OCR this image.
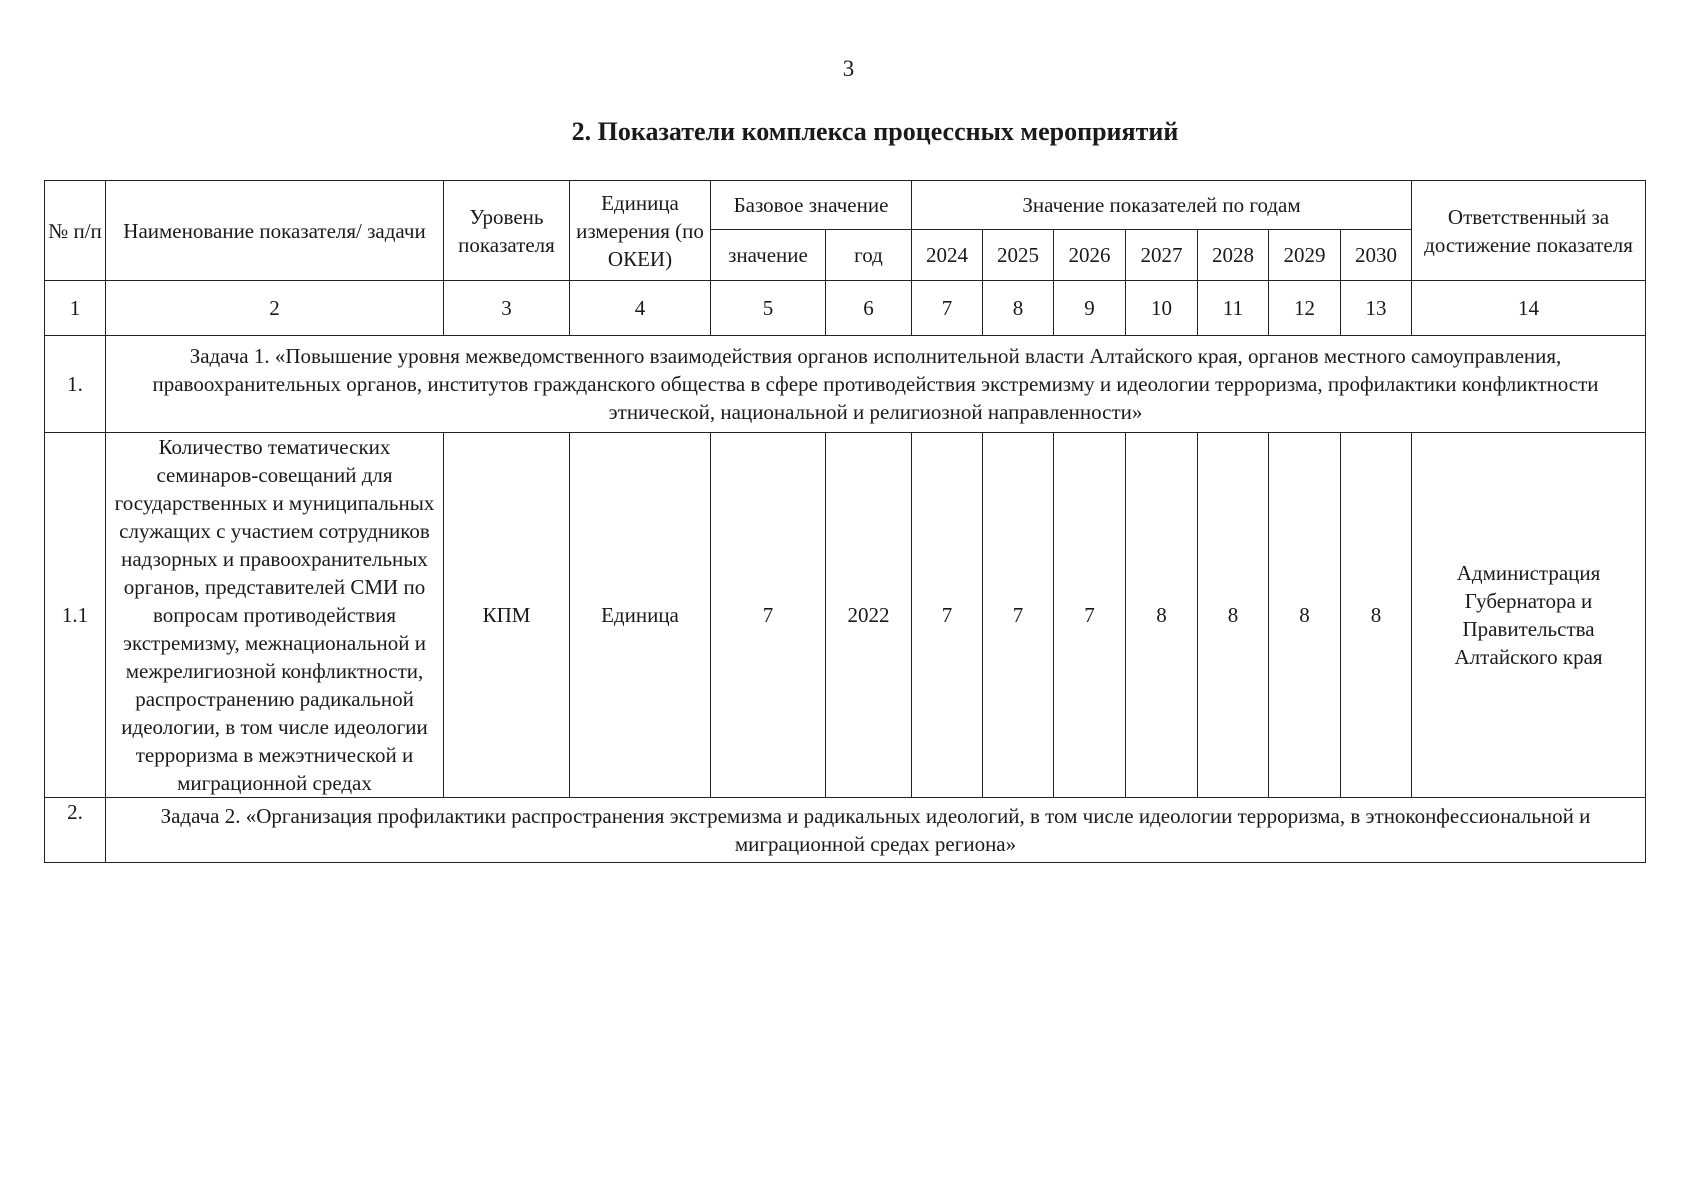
3
2. Показатели комплекса процессных мероприятий
№ п/п	Наименование показателя/ задачи	Уровень показателя	Единица измерения (по ОКЕИ)	Базовое значение		Значение показателей по годам							Ответственный за достижение показателя
				значение	год	2024	2025	2026	2027	2028	2029	2030	
1	2	3	4	5	6	7	8	9	10	11	12	13	14
1.	Задача 1. «Повышение уровня межведомственного взаимодействия органов исполнительной власти Алтайского края, органов местного самоуправления, правоохранительных органов, институтов гражданского общества в сфере противодействия экстремизму и идеологии терроризма, профилактики конфликтности этнической, национальной и религиозной направленности»												
1.1	Количество тематических семинаров-совещаний для государственных и муниципальных служащих с участием сотрудников надзорных и правоохранительных органов, представителей СМИ по вопросам противодействия экстремизму, межнациональной и межрелигиозной конфликтности, распространению радикальной идеологии, в том числе идеологии терроризма в межэтнической и миграционной средах	КПМ	Единица	7	2022	7	7	7	8	8	8	8	Администрация Губернатора и Правительства Алтайского края
2.	Задача 2. «Организация профилактики распространения экстремизма и радикальных идеологий, в том числе идеологии терроризма, в этноконфессиональной и миграционной средах региона»												
